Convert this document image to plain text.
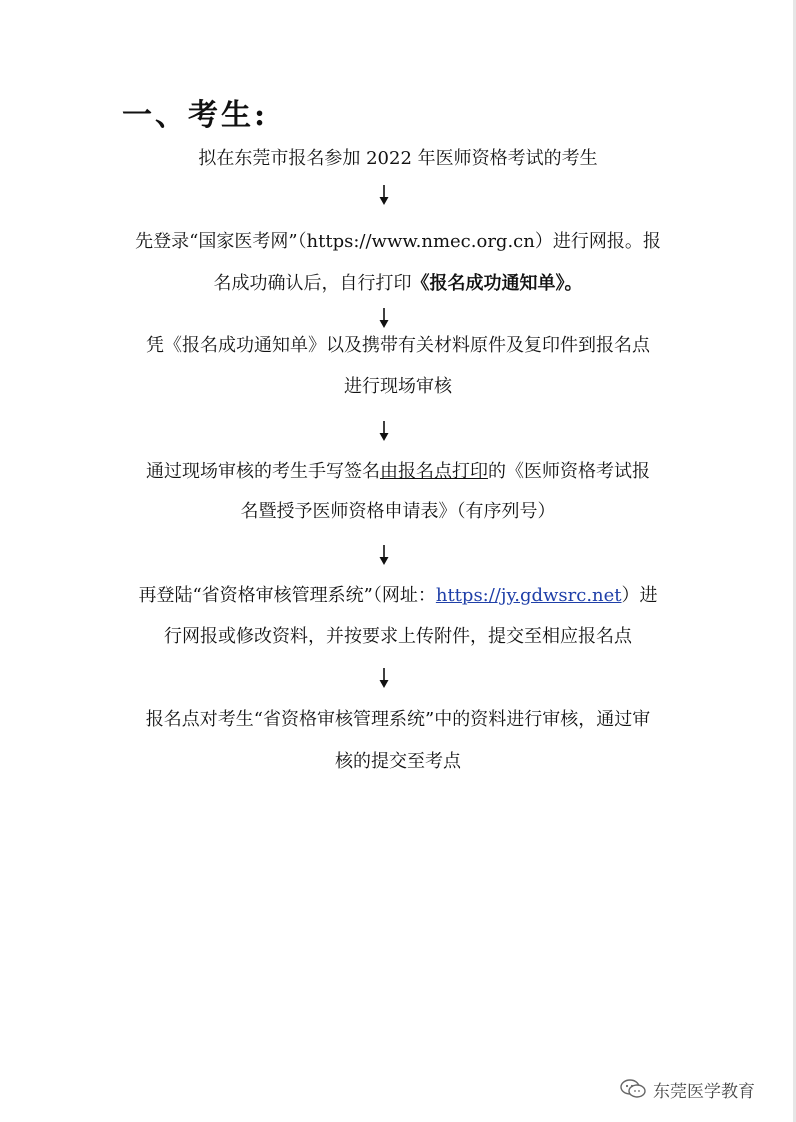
一、考生:
拟在东莞市报名参加 2022 年医师资格考试的考生
先登录“国家医考网”（https://www.nmec.org.cn）进行网报。报
名成功确认后，自行打印《报名成功通知单》。
凭《报名成功通知单》以及携带有关材料原件及复印件到报名点
进行现场审核
通过现场审核的考生手写签名由报名点打印的《医师资格考试报
名暨授予医师资格申请表》（有序列号）
再登陆“省资格审核管理系统”（网址：https://jy.gdwsrc.net）进
行网报或修改资料，并按要求上传附件，提交至相应报名点
报名点对考生“省资格审核管理系统”中的资料进行审核，通过审
核的提交至考点
东莞医学教育
